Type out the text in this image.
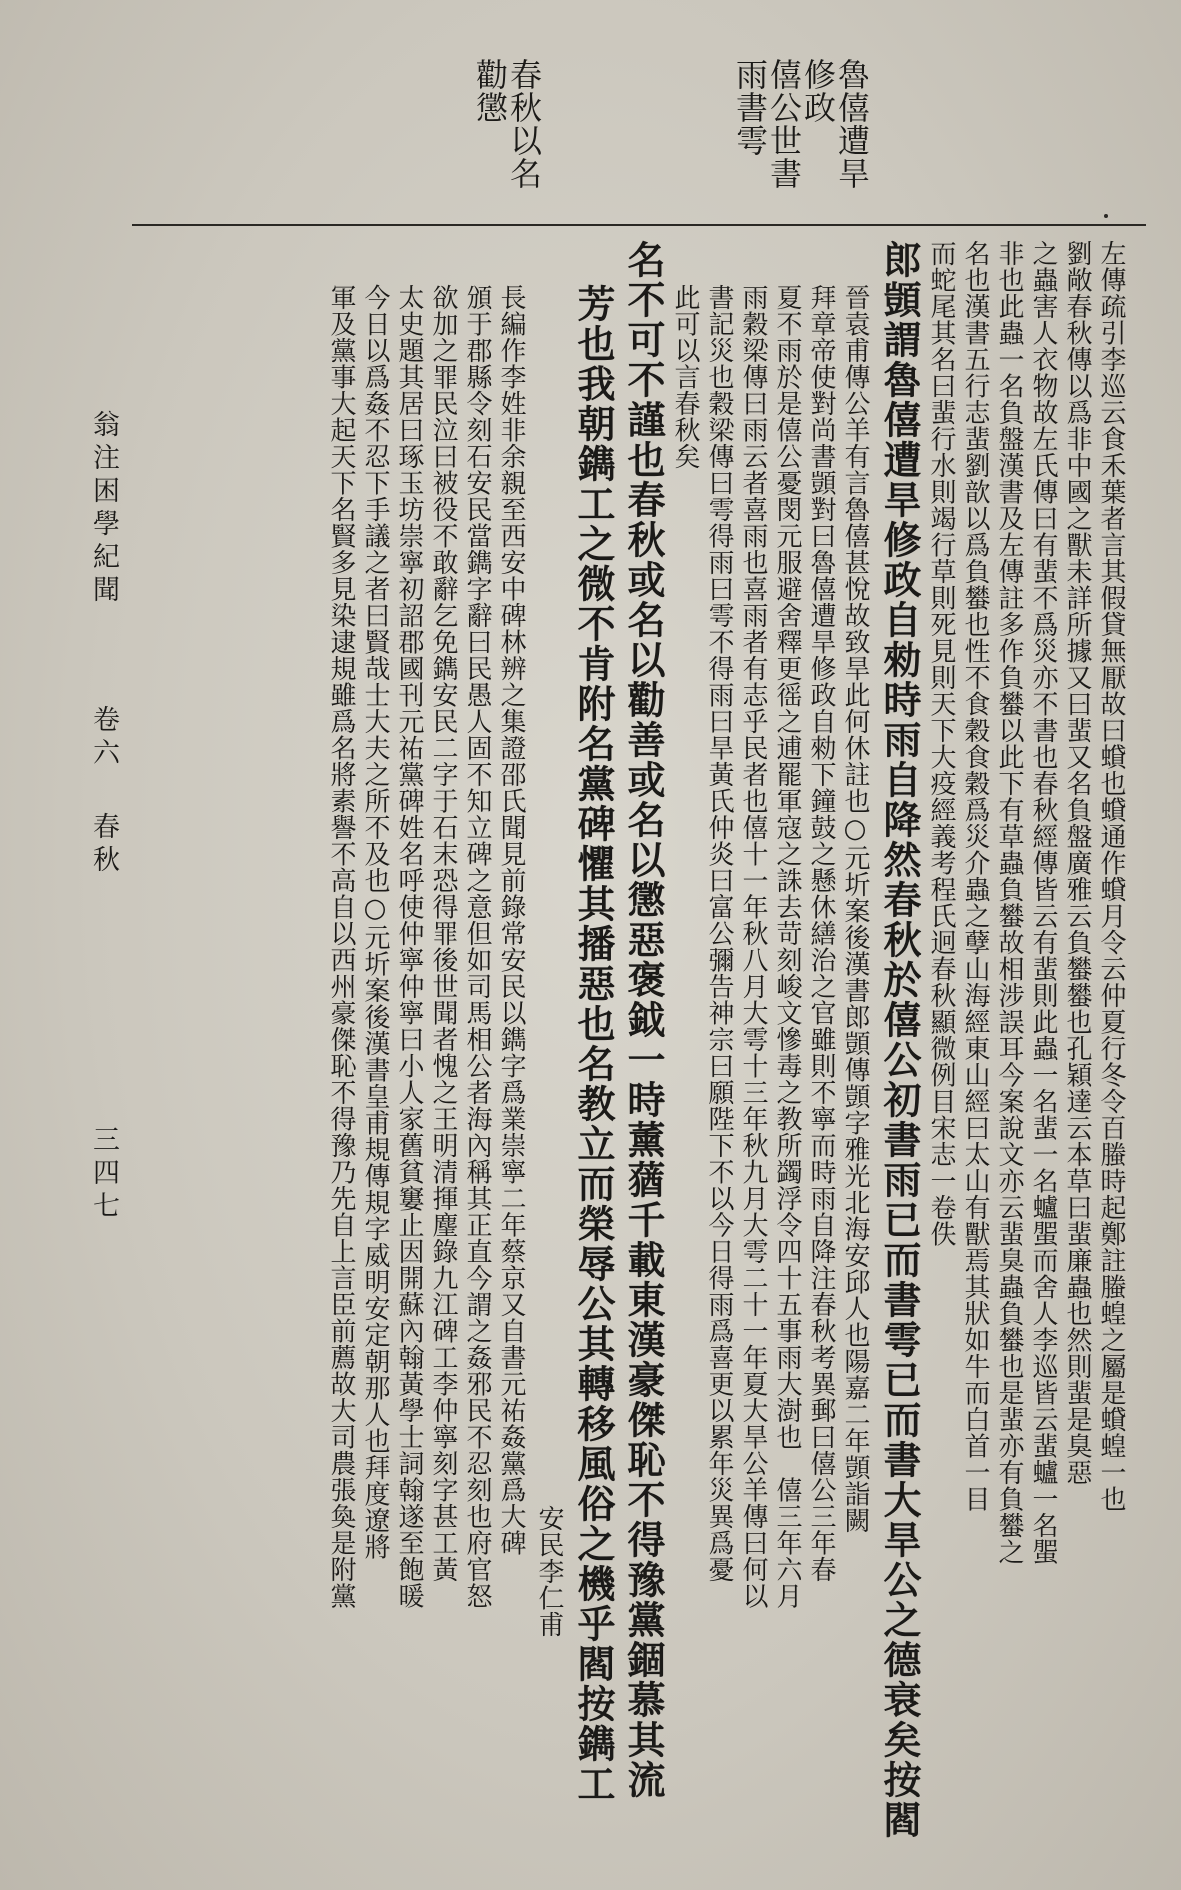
魯僖遭旱
修政
僖公世書
雨書雩
春秋以名
勸懲
左傳疏引李巡云食禾葉者言其假貸無厭故曰蟘也蟘通作蟘月令云仲夏行冬令百螣時起鄭註螣蝗之屬是蟘蝗一也
劉敞春秋傳以爲非中國之獸未詳所據又曰蜚又名負盤廣雅云負蠜蠜也孔穎達云本草曰蜚廉蟲也然則蜚是臭惡
之蟲害人衣物故左氏傳曰有蜚不爲災亦不書也春秋經傳皆云有蜚則此蟲一名蜚一名蠦蜰而舍人李巡皆云蜚蠦一名蜰
非也此蟲一名負盤漢書及左傳註多作負蠜以此下有草蟲負蠜故相涉誤耳今案說文亦云蜚臭蟲負蠜也是蜚亦有負蠜之
名也漢書五行志蜚劉歆以爲負蠜也性不食穀食穀爲災介蟲之孽山海經東山經曰太山有獸焉其狀如牛而白首一目
而蛇尾其名曰蜚行水則竭行草則死見則天下大疫經義考程氏迥春秋顯微例目宋志一卷佚
郎顗謂魯僖遭旱修政自勑時雨自降然春秋於僖公初書雨已而書雩已而書大旱公之德衰矣按閻
晉袁甫傳公羊有言魯僖甚悅故致旱此何休註也○元圻案後漢書郎顗傳顗字雅光北海安邱人也陽嘉二年顗詣闕
拜章帝使對尚書顗對曰魯僖遭旱修政自勑下鐘鼓之懸休繕治之官雖則不寧而時雨自降注春秋考異郵曰僖公三年春
夏不雨於是僖公憂閔元服避舍釋更徭之逋罷軍寇之誅去苛刻峻文慘毒之教所蠲浮令四十五事雨大澍也　僖三年六月
雨穀梁傳曰雨云者喜雨也喜雨者有志乎民者也僖十一年秋八月大雩十三年秋九月大雩二十一年夏大旱公羊傳曰何以
書記災也穀梁傳曰雩得雨曰雩不得雨曰旱黃氏仲炎曰富公彌告神宗曰願陛下不以今日得雨爲喜更以累年災異爲憂
此可以言春秋矣
名不可不謹也春秋或名以勸善或名以懲惡褒鉞一時薰蕕千載東漢豪傑恥不得豫黨錮慕其流
芳也我朝鐫工之微不肯附名黨碑懼其播惡也名教立而榮辱公其轉移風俗之機乎閻按鐫工
安民李仁甫
長編作李姓非余親至西安中碑林辨之集證邵氏聞見前錄常安民以鐫字爲業崇寧二年蔡京又自書元祐姦黨爲大碑
頒于郡縣令刻石安民當鐫字辭曰民愚人固不知立碑之意但如司馬相公者海內稱其正直今謂之姦邪民不忍刻也府官怒
欲加之罪民泣曰被役不敢辭乞免鐫安民二字于石末恐得罪後世聞者愧之王明清揮麈錄九江碑工李仲寧刻字甚工黃
太史題其居曰琢玉坊崇寧初詔郡國刊元祐黨碑姓名呼使仲寧仲寧曰小人家舊貧窶止因開蘇內翰黃學士詞翰遂至飽暖
今日以爲姦不忍下手議之者曰賢哉士大夫之所不及也○元圻案後漢書皇甫規傳規字威明安定朝那人也拜度遼將
軍及黨事大起天下名賢多見染逮規雖爲名將素譽不高自以西州豪傑恥不得豫乃先自上言臣前薦故大司農張奐是附黨
翁注困學紀聞
卷六
春秋
三四七
